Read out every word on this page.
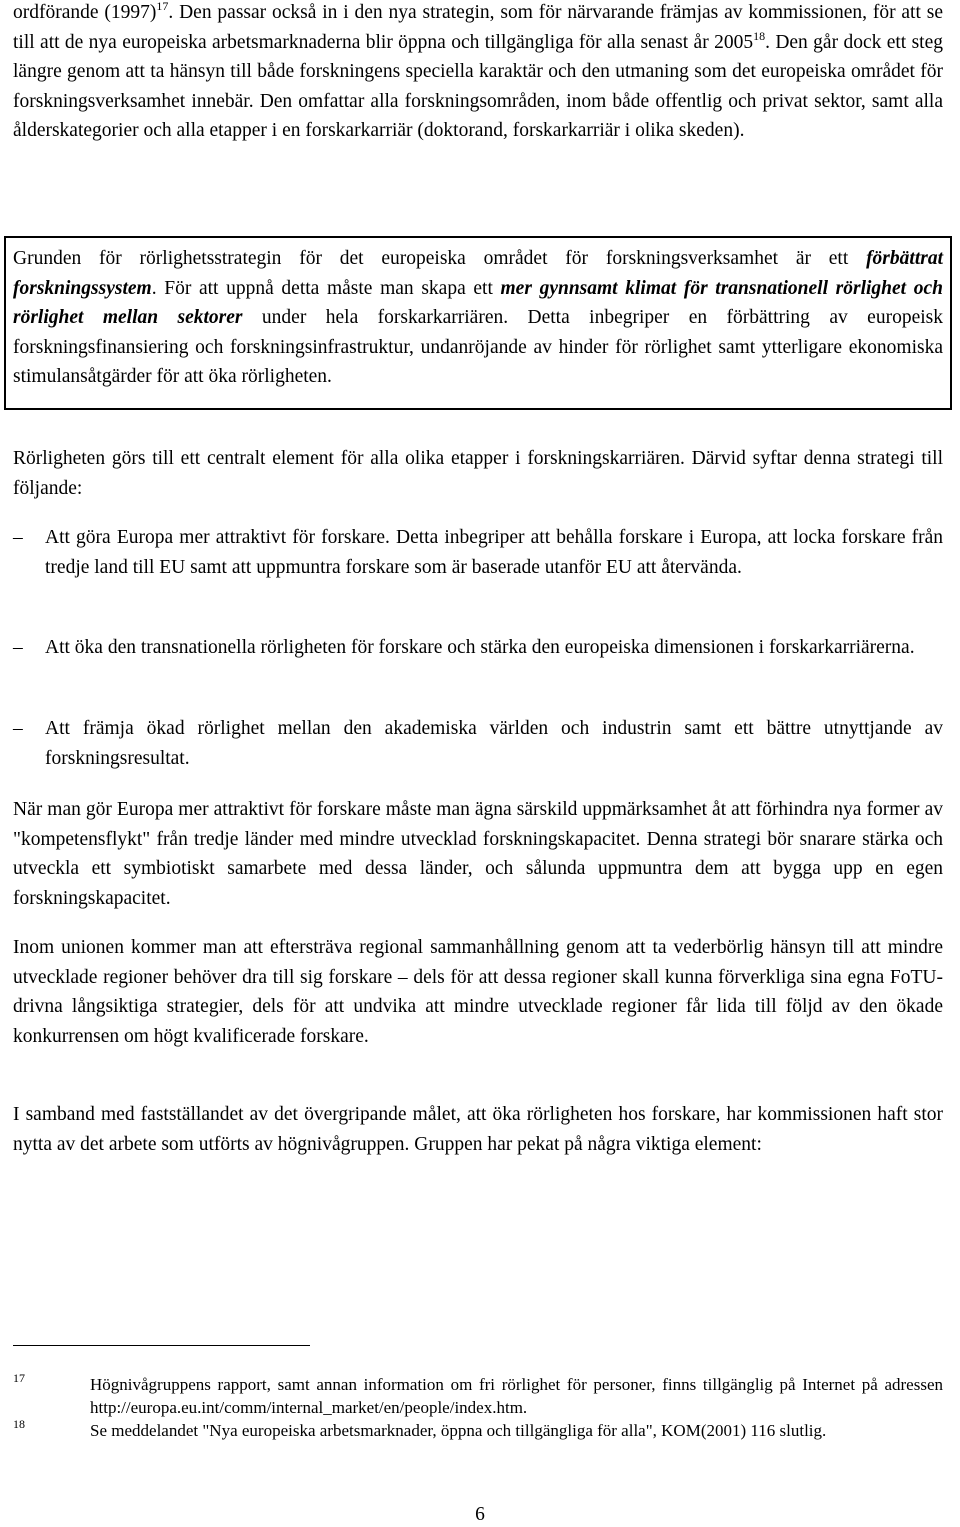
ordförande $(1997)^{17}$. Den passar också in i den nya strategin, som för närvarande främjas av kommissionen, för att se till att de nya europeiska arbetsmarknaderna blir öppna och tillgängliga för alla senast år 2005$^{18}$. Den går dock ett steg längre genom att ta hänsyn till både forskningens speciella karaktär och den utmaning som det europeiska området för forskningsverksamhet innebär. Den omfattar alla forskningsområden, inom både offentlig och privat sektor, samt alla ålderskategorier och alla etapper i en forskarkarriär (doktorand, forskarkarriär i olika skeden).

Grunden för rörlighetsstrategin för det europeiska området för forskningsverksamhet är ett förbättrat forskningssystem. För att uppnå detta måste man skapa ett mer gynnsamt klimat för transnationell rörlighet och rörlighet mellan sektorer under hela forskarkarriären. Detta inbegriper en förbättring av europeisk forskningsfinansiering och forskningsinfrastruktur, undanröjande av hinder för rörlighet samt ytterligare ekonomiska stimulansåtgärder för att öka rörligheten.

Rörligheten görs till ett centralt element för alla olika etapper i forskningskarriären. Därvid syftar denna strategi till följande:

– Att göra Europa mer attraktivt för forskare. Detta inbegriper att behålla forskare i Europa, att locka forskare från tredje land till EU samt att uppmuntra forskare som är baserade utanför EU att återvända.

– Att öka den transnationella rörligheten för forskare och stärka den europeiska dimensionen i forskarkarriärerna.

– Att främja ökad rörlighet mellan den akademiska världen och industrin samt ett bättre utnyttjande av forskningsresultat.

När man gör Europa mer attraktivt för forskare måste man ägna särskild uppmärksamhet åt att förhindra nya former av "kompetensflykt" från tredje länder med mindre utvecklad forskningskapacitet. Denna strategi bör snarare stärka och utveckla ett symbiotiskt samarbete med dessa länder, och sålunda uppmuntra dem att bygga upp en egen forskningskapacitet.

Inom unionen kommer man att eftersträva regional sammanhållning genom att ta vederbörlig hänsyn till att mindre utvecklade regioner behöver dra till sig forskare – dels för att dessa regioner skall kunna förverkliga sina egna FoTU-drivna långsiktiga strategier, dels för att undvika att mindre utvecklade regioner får lida till följd av den ökade konkurrensen om högt kvalificerade forskare.

I samband med fastställandet av det övergripande målet, att öka rörligheten hos forskare, har kommissionen haft stor nytta av det arbete som utförts av högnivågruppen. Gruppen har pekat på några viktiga element:

17	Högnivågruppens rapport, samt annan information om fri rörlighet för personer, finns tillgänglig på Internet på adressen http://europa.eu.int/comm/internal_market/en/people/index.htm.

18	Se meddelandet "Nya europeiska arbetsmarknader, öppna och tillgängliga för alla", KOM(2001) 116 slutlig.

6
